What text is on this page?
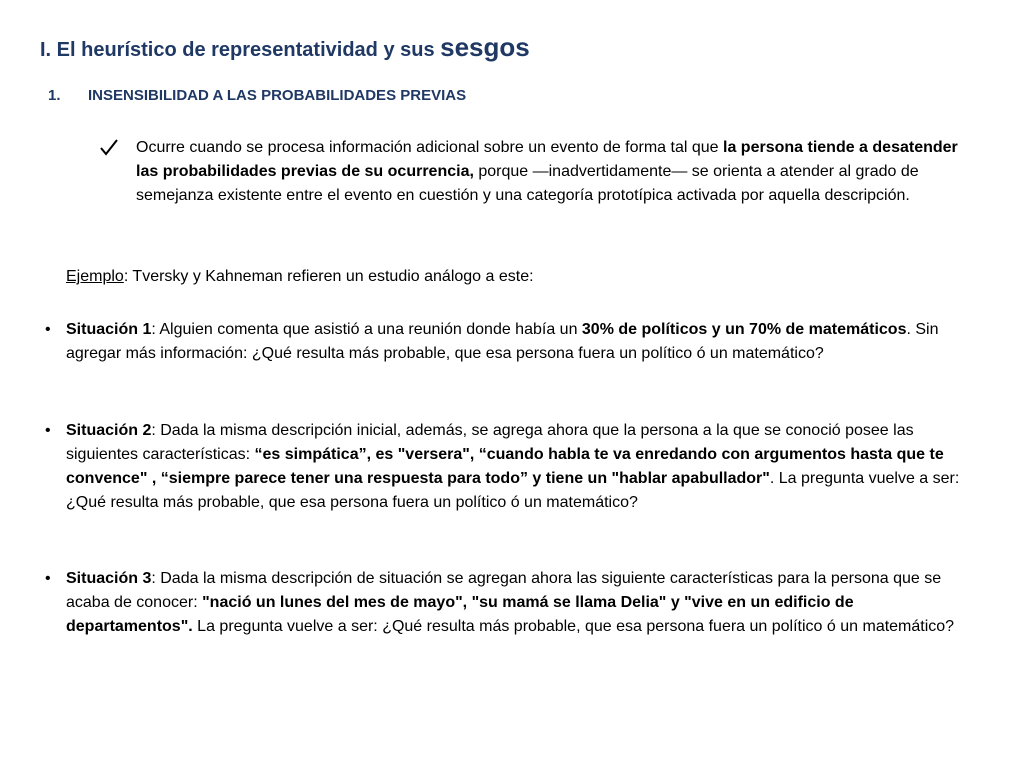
I. El heurístico de representatividad y sus sesgos
1. INSENSIBILIDAD A LAS PROBABILIDADES PREVIAS

Ocurre cuando se procesa información adicional sobre un evento de forma tal que la persona tiende a desatender las probabilidades previas de su ocurrencia, porque —inadvertidamente— se orienta a atender al grado de semejanza existente entre el evento en cuestión y una categoría prototípica activada por aquella descripción.

Ejemplo: Tversky y Kahneman refieren un estudio análogo a este:

• Situación 1: Alguien comenta que asistió a una reunión donde había un 30% de políticos y un 70% de matemáticos. Sin agregar más información: ¿Qué resulta más probable, que esa persona fuera un político ó un matemático?

• Situación 2: Dada la misma descripción inicial, además, se agrega ahora que la persona a la que se conoció posee las siguientes características: “es simpática”, es "versera", “cuando habla te va enredando con argumentos hasta que te convence" , “siempre parece tener una respuesta para todo” y tiene un "hablar apabullador". La pregunta vuelve a ser: ¿Qué resulta más probable, que esa persona fuera un político ó un matemático?

• Situación 3: Dada la misma descripción de situación se agregan ahora las siguiente características para la persona que se acaba de conocer: "nació un lunes del mes de mayo", "su mamá se llama Delia" y "vive en un edificio de departamentos". La pregunta vuelve a ser: ¿Qué resulta más probable, que esa persona fuera un político ó un matemático?
